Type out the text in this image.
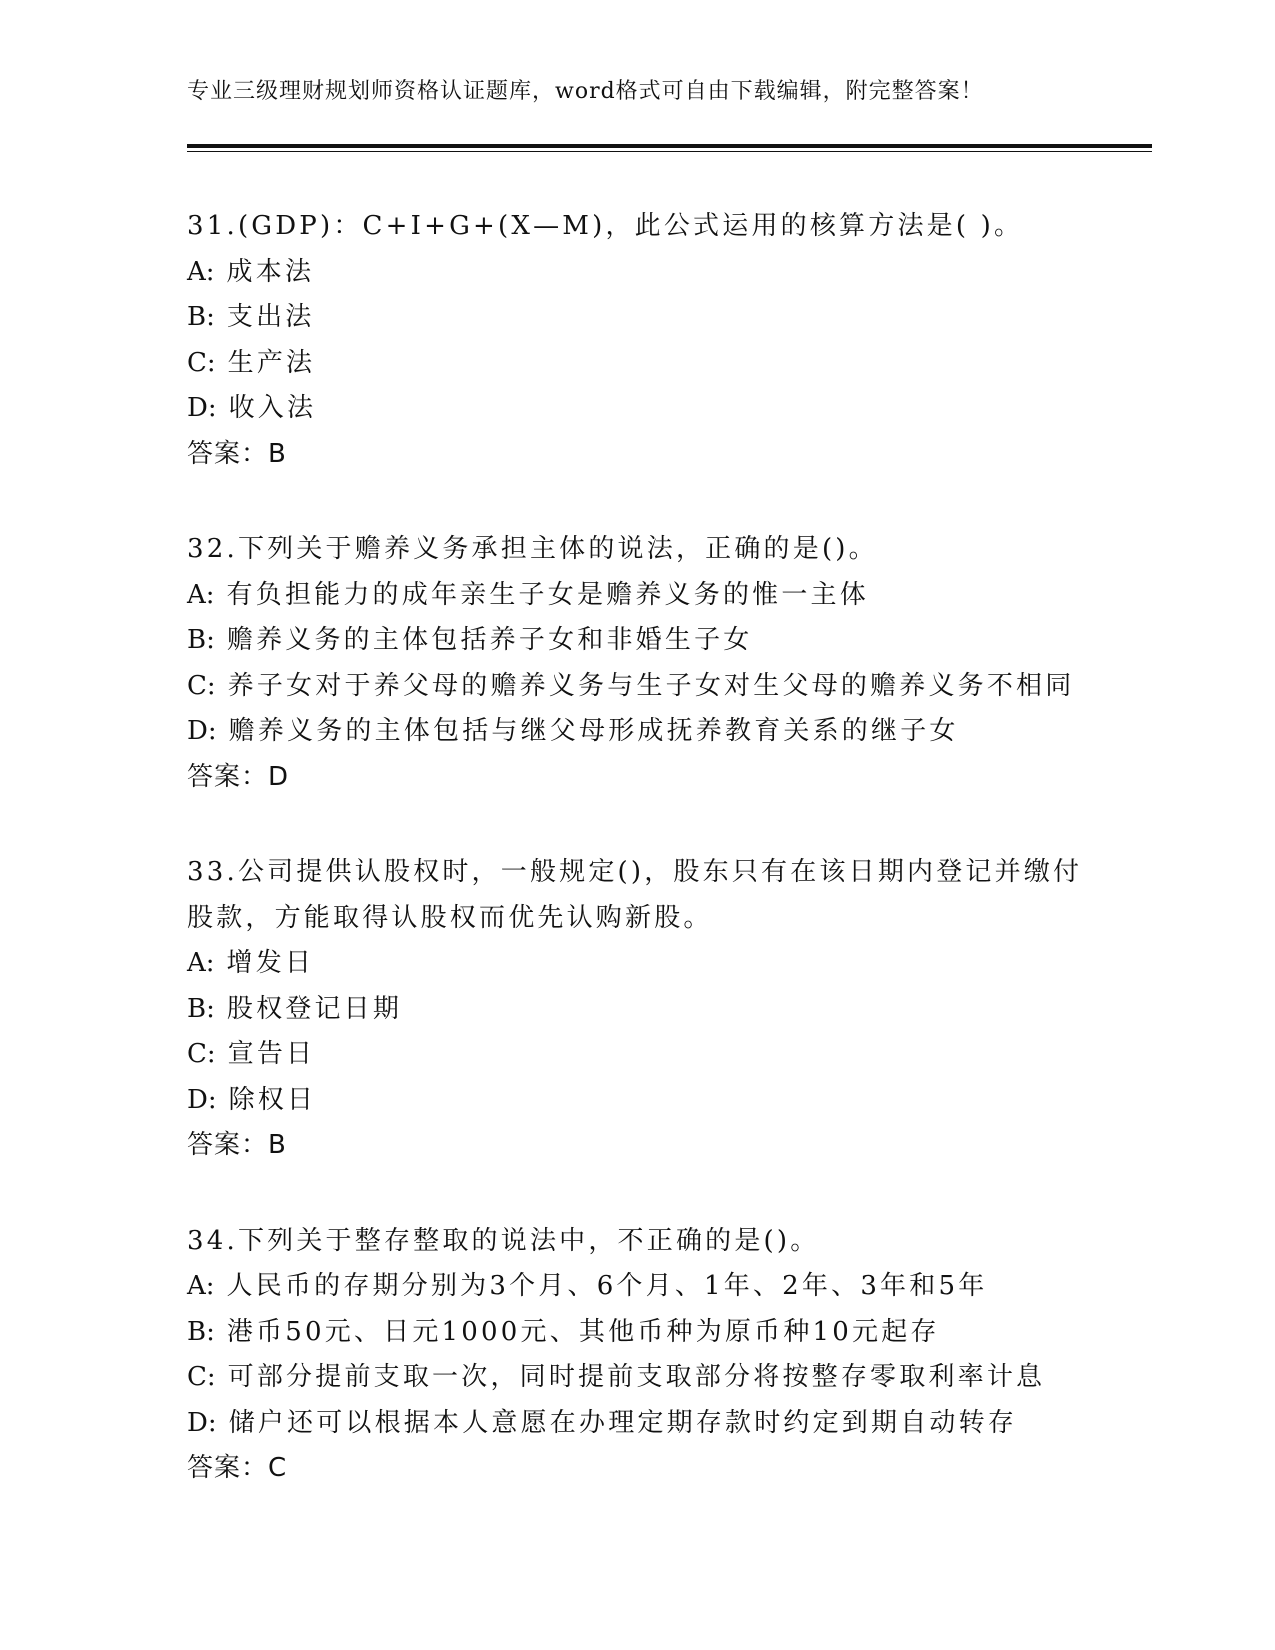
专业三级理财规划师资格认证题库，word格式可自由下载编辑，附完整答案！
31.(GDP)：C+I+G+(X—M)，此公式运用的核算方法是( )。
A: 成本法
B: 支出法
C: 生产法
D: 收入法
答案：B
32.下列关于赡养义务承担主体的说法，正确的是()。
A: 有负担能力的成年亲生子女是赡养义务的惟一主体
B: 赡养义务的主体包括养子女和非婚生子女
C: 养子女对于养父母的赡养义务与生子女对生父母的赡养义务不相同
D: 赡养义务的主体包括与继父母形成抚养教育关系的继子女
答案：D
33.公司提供认股权时，一般规定()，股东只有在该日期内登记并缴付
股款，方能取得认股权而优先认购新股。
A: 增发日
B: 股权登记日期
C: 宣告日
D: 除权日
答案：B
34.下列关于整存整取的说法中，不正确的是()。
A: 人民币的存期分别为3个月、6个月、1年、2年、3年和5年
B: 港币50元、日元1000元、其他币种为原币种10元起存
C: 可部分提前支取一次，同时提前支取部分将按整存零取利率计息
D: 储户还可以根据本人意愿在办理定期存款时约定到期自动转存
答案：C
